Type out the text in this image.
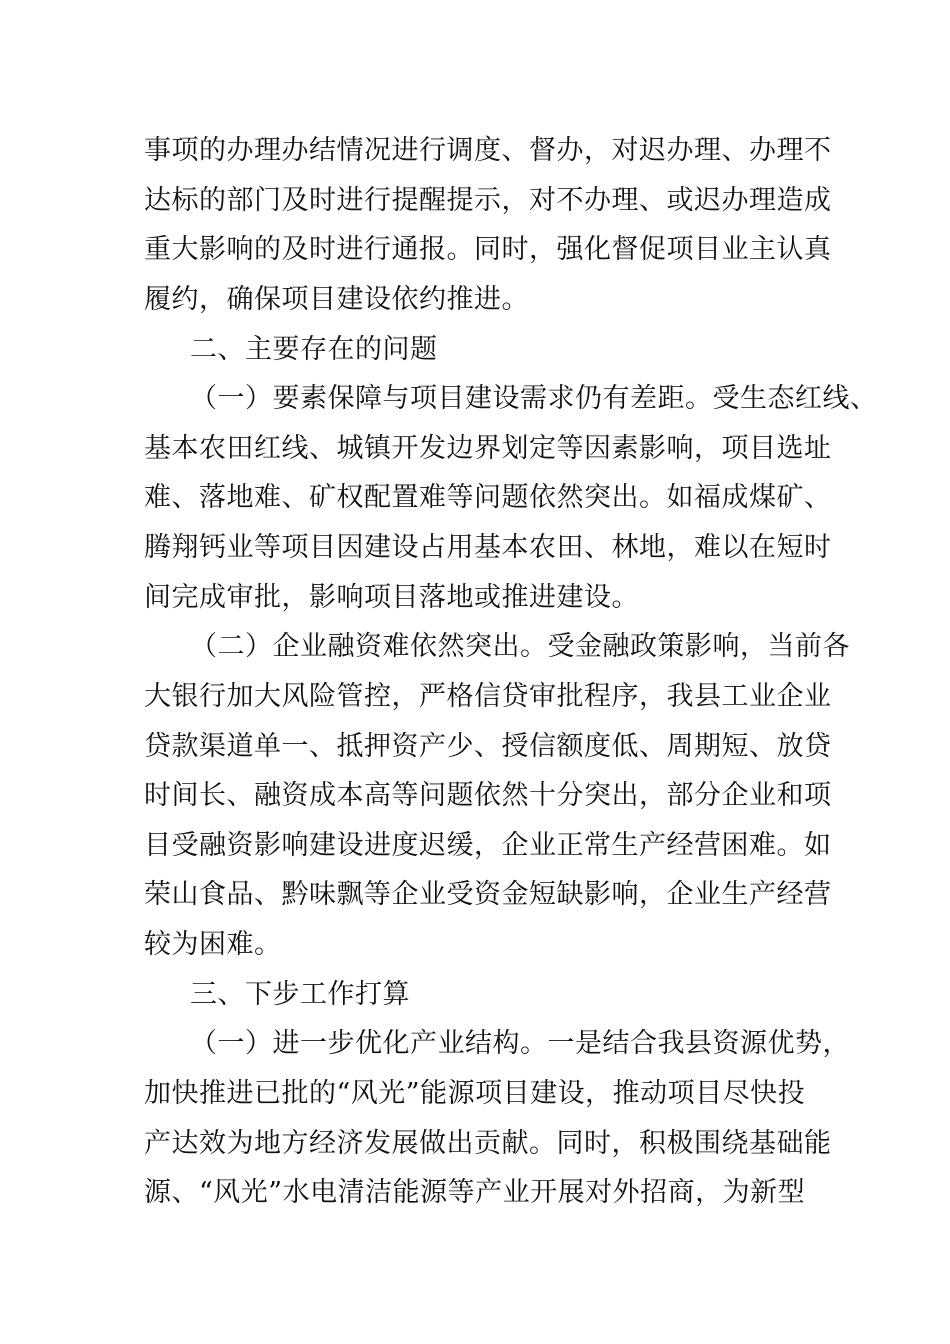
事项的办理办结情况进行调度、督办，对迟办理、办理不
达标的部门及时进行提醒提示，对不办理、或迟办理造成
重大影响的及时进行通报。同时，强化督促项目业主认真
履约，确保项目建设依约推进。
二、主要存在的问题
（一）要素保障与项目建设需求仍有差距。受生态红线、
基本农田红线、城镇开发边界划定等因素影响，项目选址
难、落地难、矿权配置难等问题依然突出。如福成煤矿、
腾翔钙业等项目因建设占用基本农田、林地，难以在短时
间完成审批，影响项目落地或推进建设。
（二）企业融资难依然突出。受金融政策影响，当前各
大银行加大风险管控，严格信贷审批程序，我县工业企业
贷款渠道单一、抵押资产少、授信额度低、周期短、放贷
时间长、融资成本高等问题依然十分突出，部分企业和项
目受融资影响建设进度迟缓，企业正常生产经营困难。如
荣山食品、黔味飘等企业受资金短缺影响，企业生产经营
较为困难。
三、下步工作打算
（一）进一步优化产业结构。一是结合我县资源优势，
加快推进已批的“风光”能源项目建设，推动项目尽快投
产达效为地方经济发展做出贡献。同时，积极围绕基础能
源、“风光”水电清洁能源等产业开展对外招商，为新型
